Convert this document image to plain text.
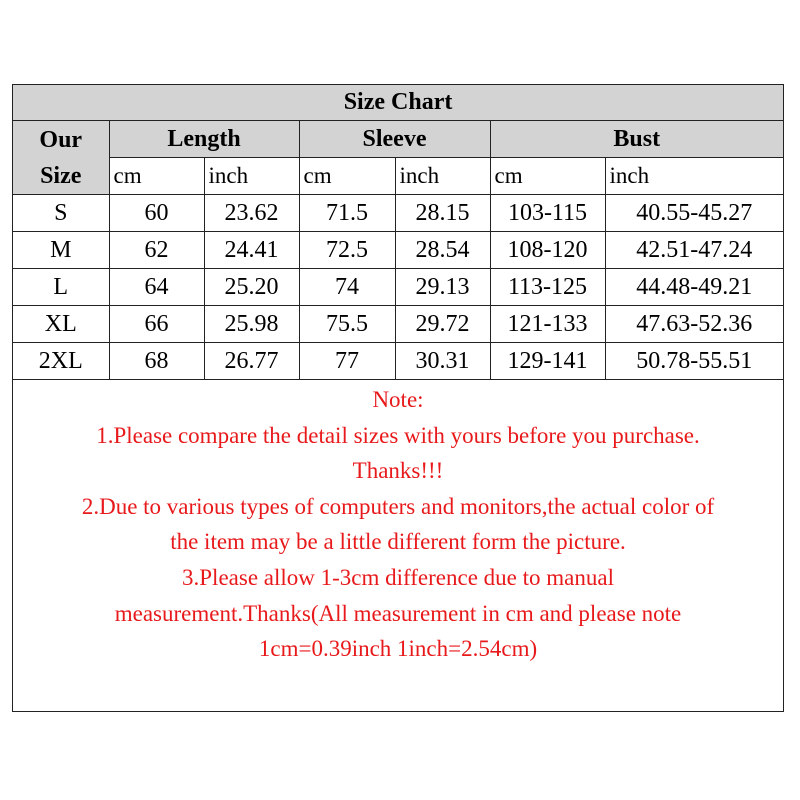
Size Chart						
Our
Size	Length		Sleeve		Bust	
	cm	inch	cm	inch	cm	inch
S	60	23.62	71.5	28.15	103-115	40.55-45.27
M	62	24.41	72.5	28.54	108-120	42.51-47.24
L	64	25.20	74	29.13	113-125	44.48-49.21
XL	66	25.98	75.5	29.72	121-133	47.63-52.36
2XL	68	26.77	77	30.31	129-141	50.78-55.51
Note:
1.Please compare the detail sizes with yours before you purchase.
Thanks!!!
2.Due to various types of computers and monitors,the actual color of
the item may be a little different form the picture.
3.Please allow 1-3cm difference due to manual
measurement.Thanks(All measurement in cm and please note
1cm=0.39inch 1inch=2.54cm)
